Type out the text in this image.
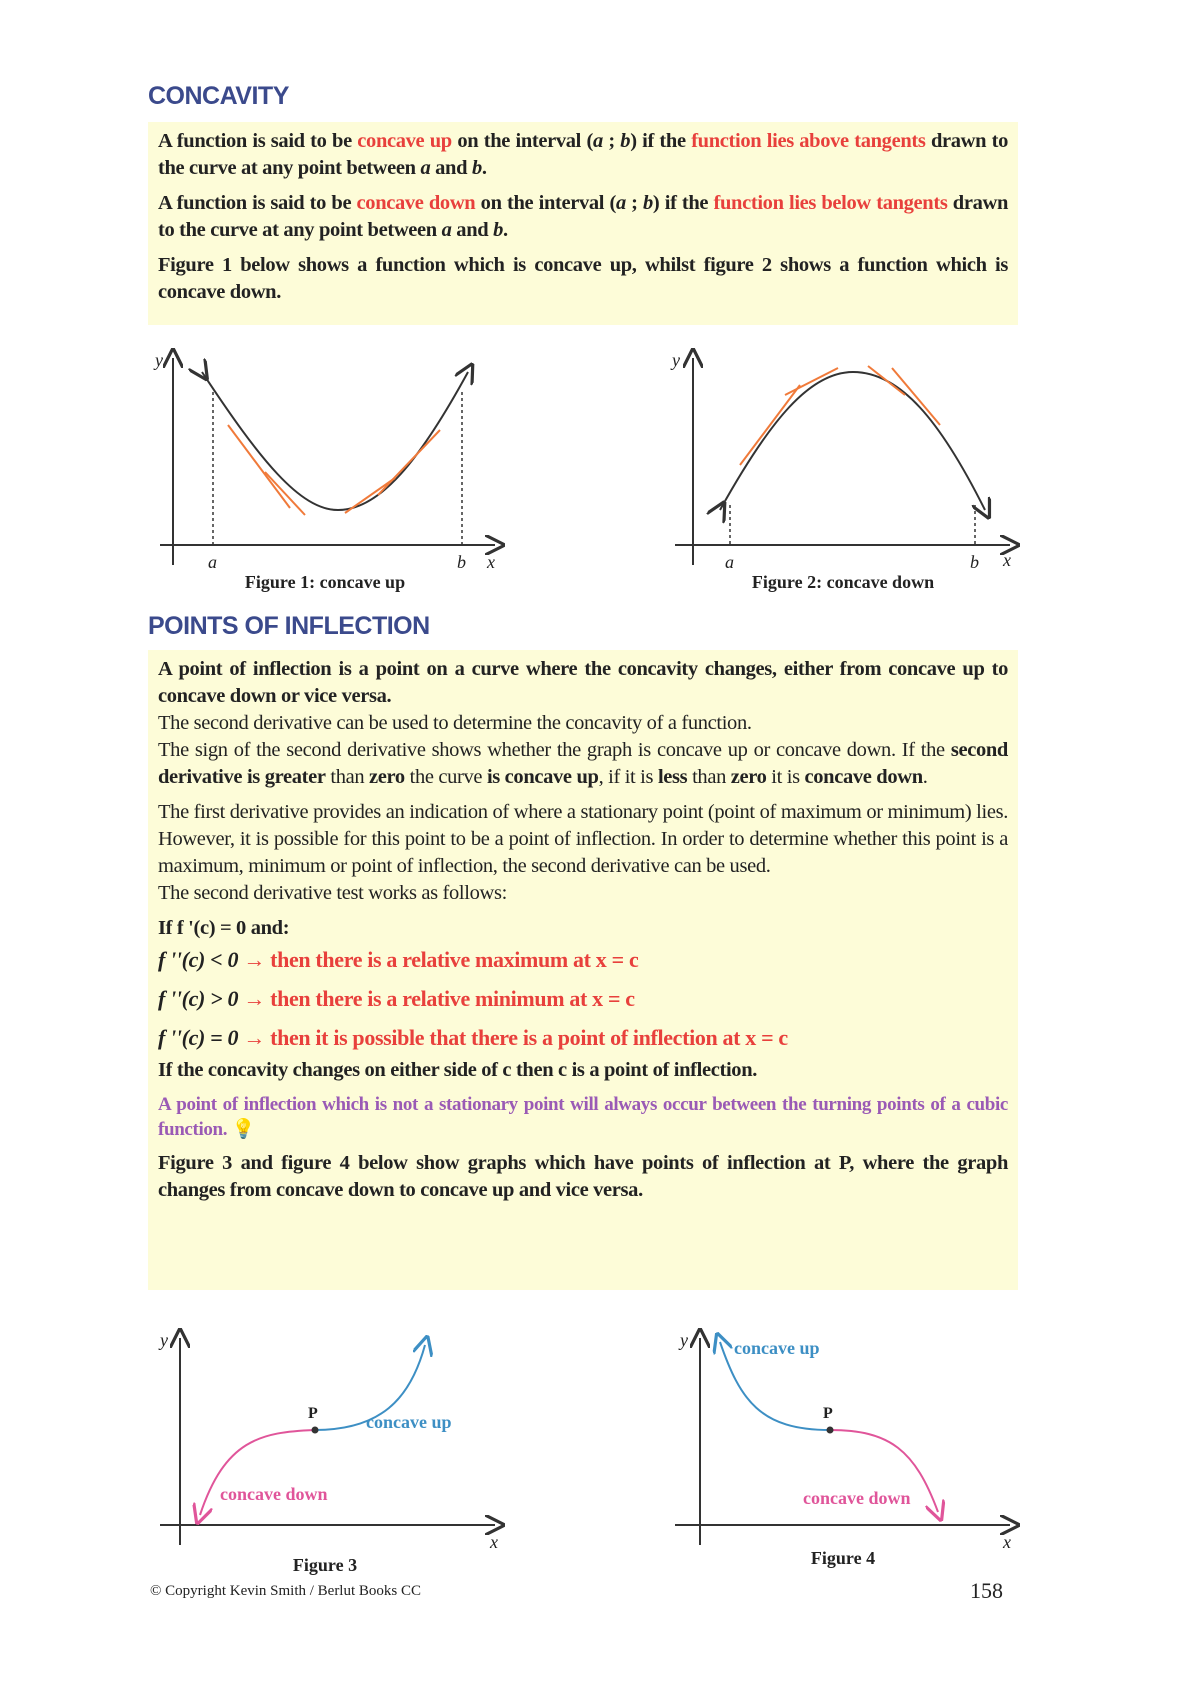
CONCAVITY

A function is said to be concave up on the interval (a ; b) if the function lies above tangents drawn to the curve at any point between a and b.

A function is said to be concave down on the interval (a ; b) if the function lies below tangents drawn to the curve at any point between a and b.

Figure 1 below shows a function which is concave up, whilst figure 2 shows a function which is concave down.

y
a	b x
Figure 1: concave up
y
a	b x
Figure 2: concave down
POINTS OF INFLECTION

A point of inflection is a point on a curve where the concavity changes, either from concave up to concave down or vice versa.

The second derivative can be used to determine the concavity of a function.

The sign of the second derivative shows whether the graph is concave up or concave down. If the second derivative is greater than zero the curve is concave up, if it is less than zero it is concave down.

The first derivative provides an indication of where a stationary point (point of maximum or minimum) lies. However, it is possible for this point to be a point of inflection. In order to determine whether this point is a maximum, minimum or point of inflection, the second derivative can be used.

The second derivative test works as follows:

If f '(c) = 0 and:

f ''(c) < 0 → then there is a relative maximum at x = c

f ''(c) > 0 → then there is a relative minimum at x = c

f ''(c) = 0 → then it is possible that there is a point of inflection at x = c

If the concavity changes on either side of c then c is a point of inflection.

A point of inflection which is not a stationary point will always occur between the turning points of a cubic function. 💡

Figure 3 and figure 4 below show graphs which have points of inflection at P, where the graph changes from concave down to concave up and vice versa.

y
x
P	concave up
concave down
Figure 3
y
x
P
concave up
concave down
Figure 4
© Copyright Kevin Smith / Berlut Books CC	158
